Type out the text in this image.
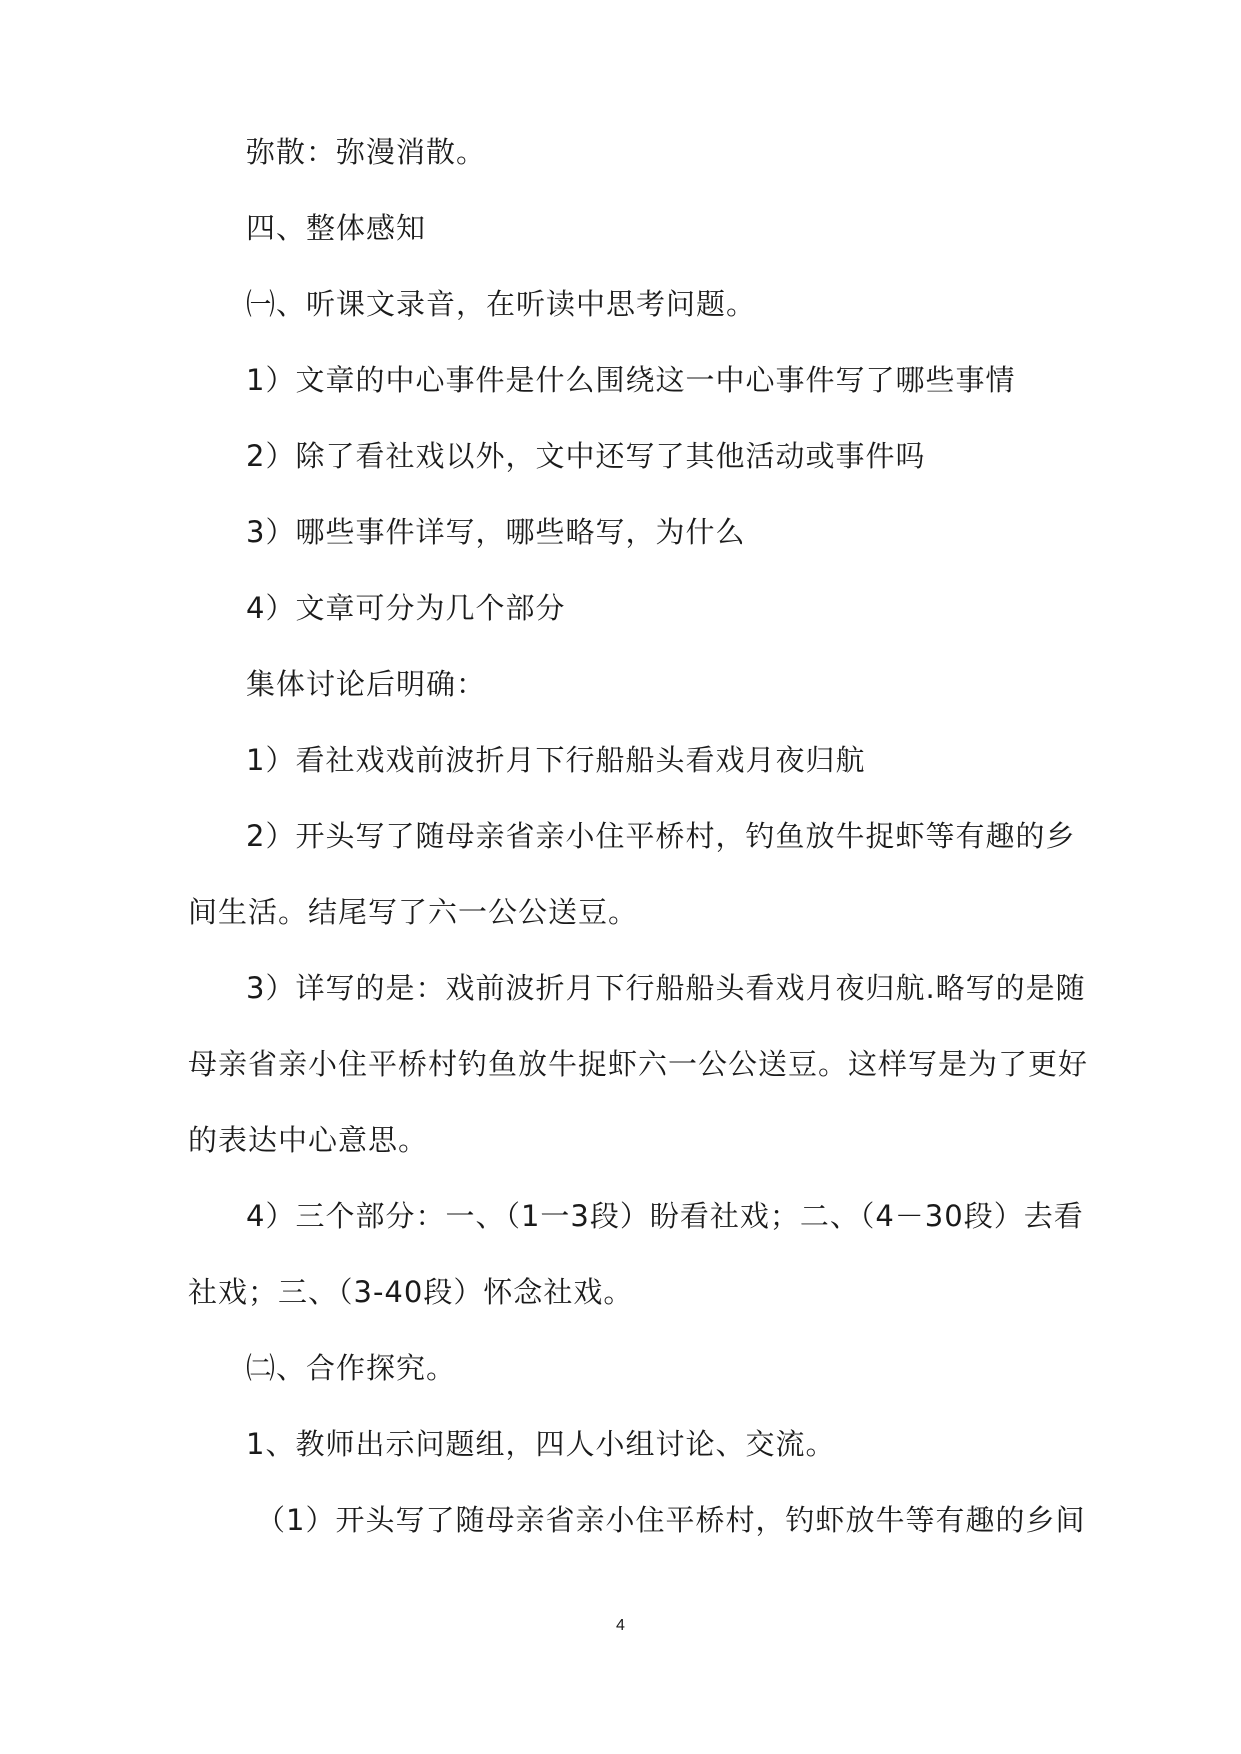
弥散：弥漫消散。
四、整体感知
㈠、听课文录音，在听读中思考问题。
1）文章的中心事件是什么围绕这一中心事件写了哪些事情
2）除了看社戏以外，文中还写了其他活动或事件吗
3）哪些事件详写，哪些略写，为什么
4）文章可分为几个部分
集体讨论后明确：
1）看社戏戏前波折月下行船船头看戏月夜归航
2）开头写了随母亲省亲小住平桥村，钓鱼放牛捉虾等有趣的乡
间生活。结尾写了六一公公送豆。
3）详写的是：戏前波折月下行船船头看戏月夜归航.略写的是随
母亲省亲小住平桥村钓鱼放牛捉虾六一公公送豆。这样写是为了更好
的表达中心意思。
4）三个部分：一、（1一3段）盼看社戏；二、（4－30段）去看
社戏；三、（3-40段）怀念社戏。
㈡、合作探究。
1、教师出示问题组，四人小组讨论、交流。
（1）开头写了随母亲省亲小住平桥村，钓虾放牛等有趣的乡间
4
